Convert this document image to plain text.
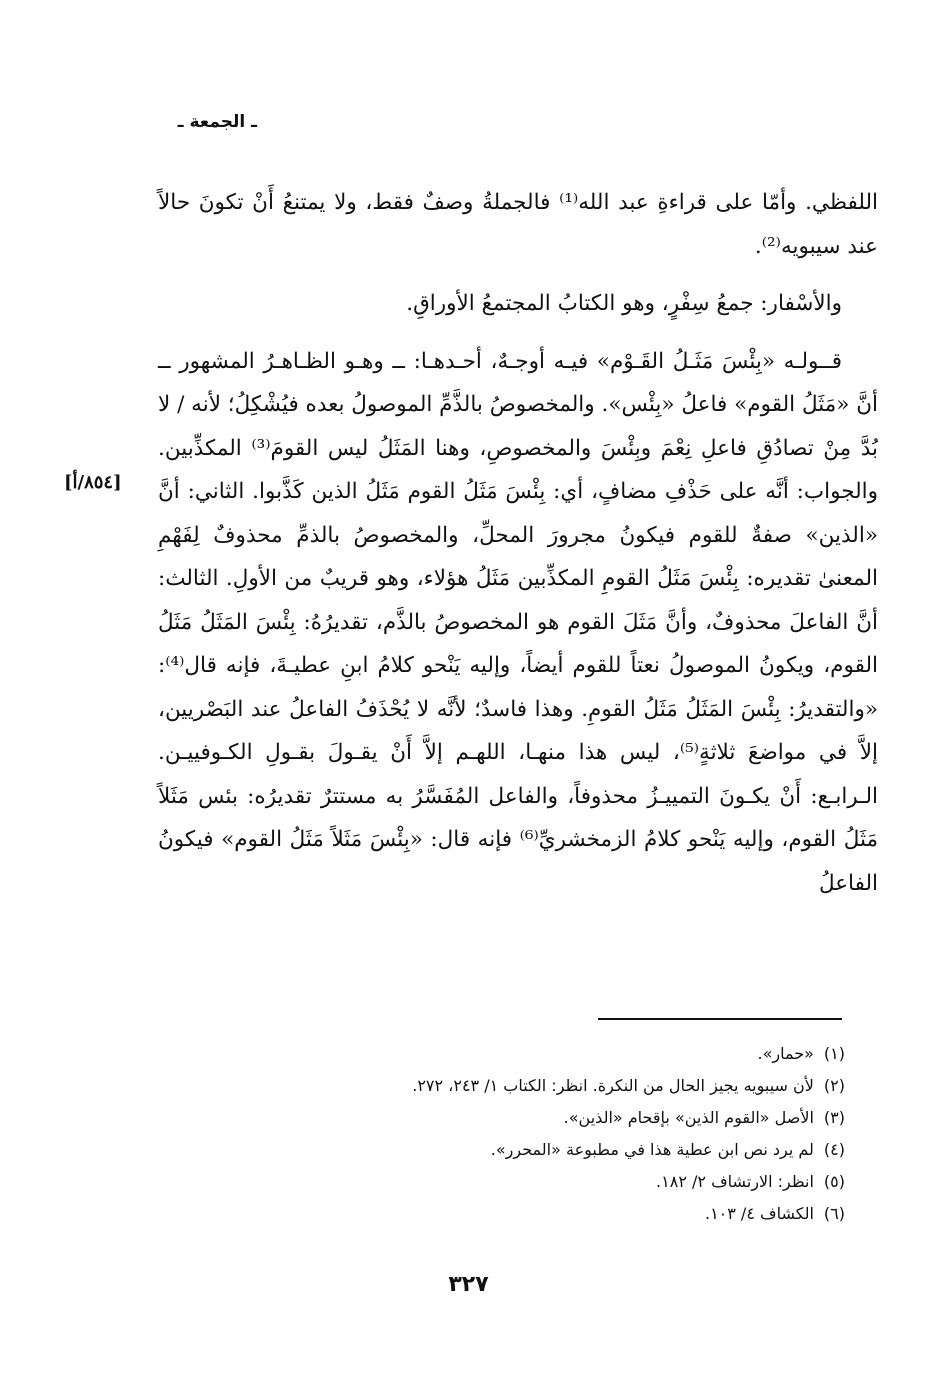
ـ الجمعة ـ

اللفظي. وأمّا على قراءةِ عبد الله⁽¹⁾ فالجملةُ وصفٌ فقط، ولا يمتنعُ أَنْ تكونَ حالاً عند سيبويه⁽²⁾.

والأسْفار: جمعُ سِفْرٍ، وهو الكتابُ المجتمعُ الأوراقِ.

قــولـه «بِئْسَ مَثَـلُ القَـوْم» فيـه أوجـهٌ، أحـدهـا: ــ وهـو الظـاهـرُ المشهور ــ أنَّ «مَثَلُ القوم» فاعلُ «بِئْس». والمخصوصُ بالذَّمِّ الموصولُ بعده فيُشْكِلُ؛ لأنه / لا بُدَّ مِنْ تصادُقِ فاعلِ نِعْمَ وبِئْسَ والمخصوصِ، وهنا المَثَلُ ليس القومَ⁽³⁾ المكذِّبين. والجواب: أنَّه على حَذْفِ مضافٍ، أي: بِئْسَ مَثَلُ القوم مَثَلُ الذين كَذَّبوا. الثاني: أنَّ «الذين» صفةٌ للقوم فيكونُ مجرورَ المحلِّ، والمخصوصُ بالذمِّ محذوفٌ لِفَهْمِ المعنىٰ تقديره: بِئْسَ مَثَلُ القومِ المكذِّبين مَثَلُ هؤلاء، وهو قريبٌ من الأولِ. الثالث: أنَّ الفاعلَ محذوفٌ، وأنَّ مَثَلَ القوم هو المخصوصُ بالذَّم، تقديرُهُ: بِئْسَ المَثَلُ مَثَلُ القوم، ويكونُ الموصولُ نعتاً للقوم أيضاً، وإليه يَنْحو كلامُ ابنِ عطيـةَ، فإنه قال⁽⁴⁾: «والتقديرُ: بِئْسَ المَثَلُ مَثَلُ القومِ. وهذا فاسدٌ؛ لأنَّه لا يُحْذَفُ الفاعلُ عند البَصْريين، إلاَّ في مواضعَ ثلاثةٍ⁽⁵⁾، ليس هذا منهـا، اللهـم إلاَّ أَنْ يقـولَ بقـولِ الكـوفييـن. الـرابـع: أَنْ يكـونَ التمييـزُ محذوفاً، والفاعل المُفَسَّرُ به مستترٌ تقديرُه: بئس مَثَلاً مَثَلُ القوم، وإليه يَنْحو كلامُ الزمخشريِّ⁽⁶⁾ فإنه قال: «بِئْسَ مَثَلاً مَثَلُ القوم» فيكونُ الفاعلُ

[٨٥٤/أ]
(١)
«حمار».
(٢)
لأن سيبويه يجيز الحال من النكرة. انظر: الكتاب ١/ ٢٤٣، ٢٧٢.
(٣)
الأصل «القوم الذين» بإقحام «الذين».
(٤)
لم يرد نص ابن عطية هذا في مطبوعة «المحرر».
(٥)
انظر: الارتشاف ٢/ ١٨٢.
(٦)
الكشاف ٤/ ١٠٣.
٣٢٧
